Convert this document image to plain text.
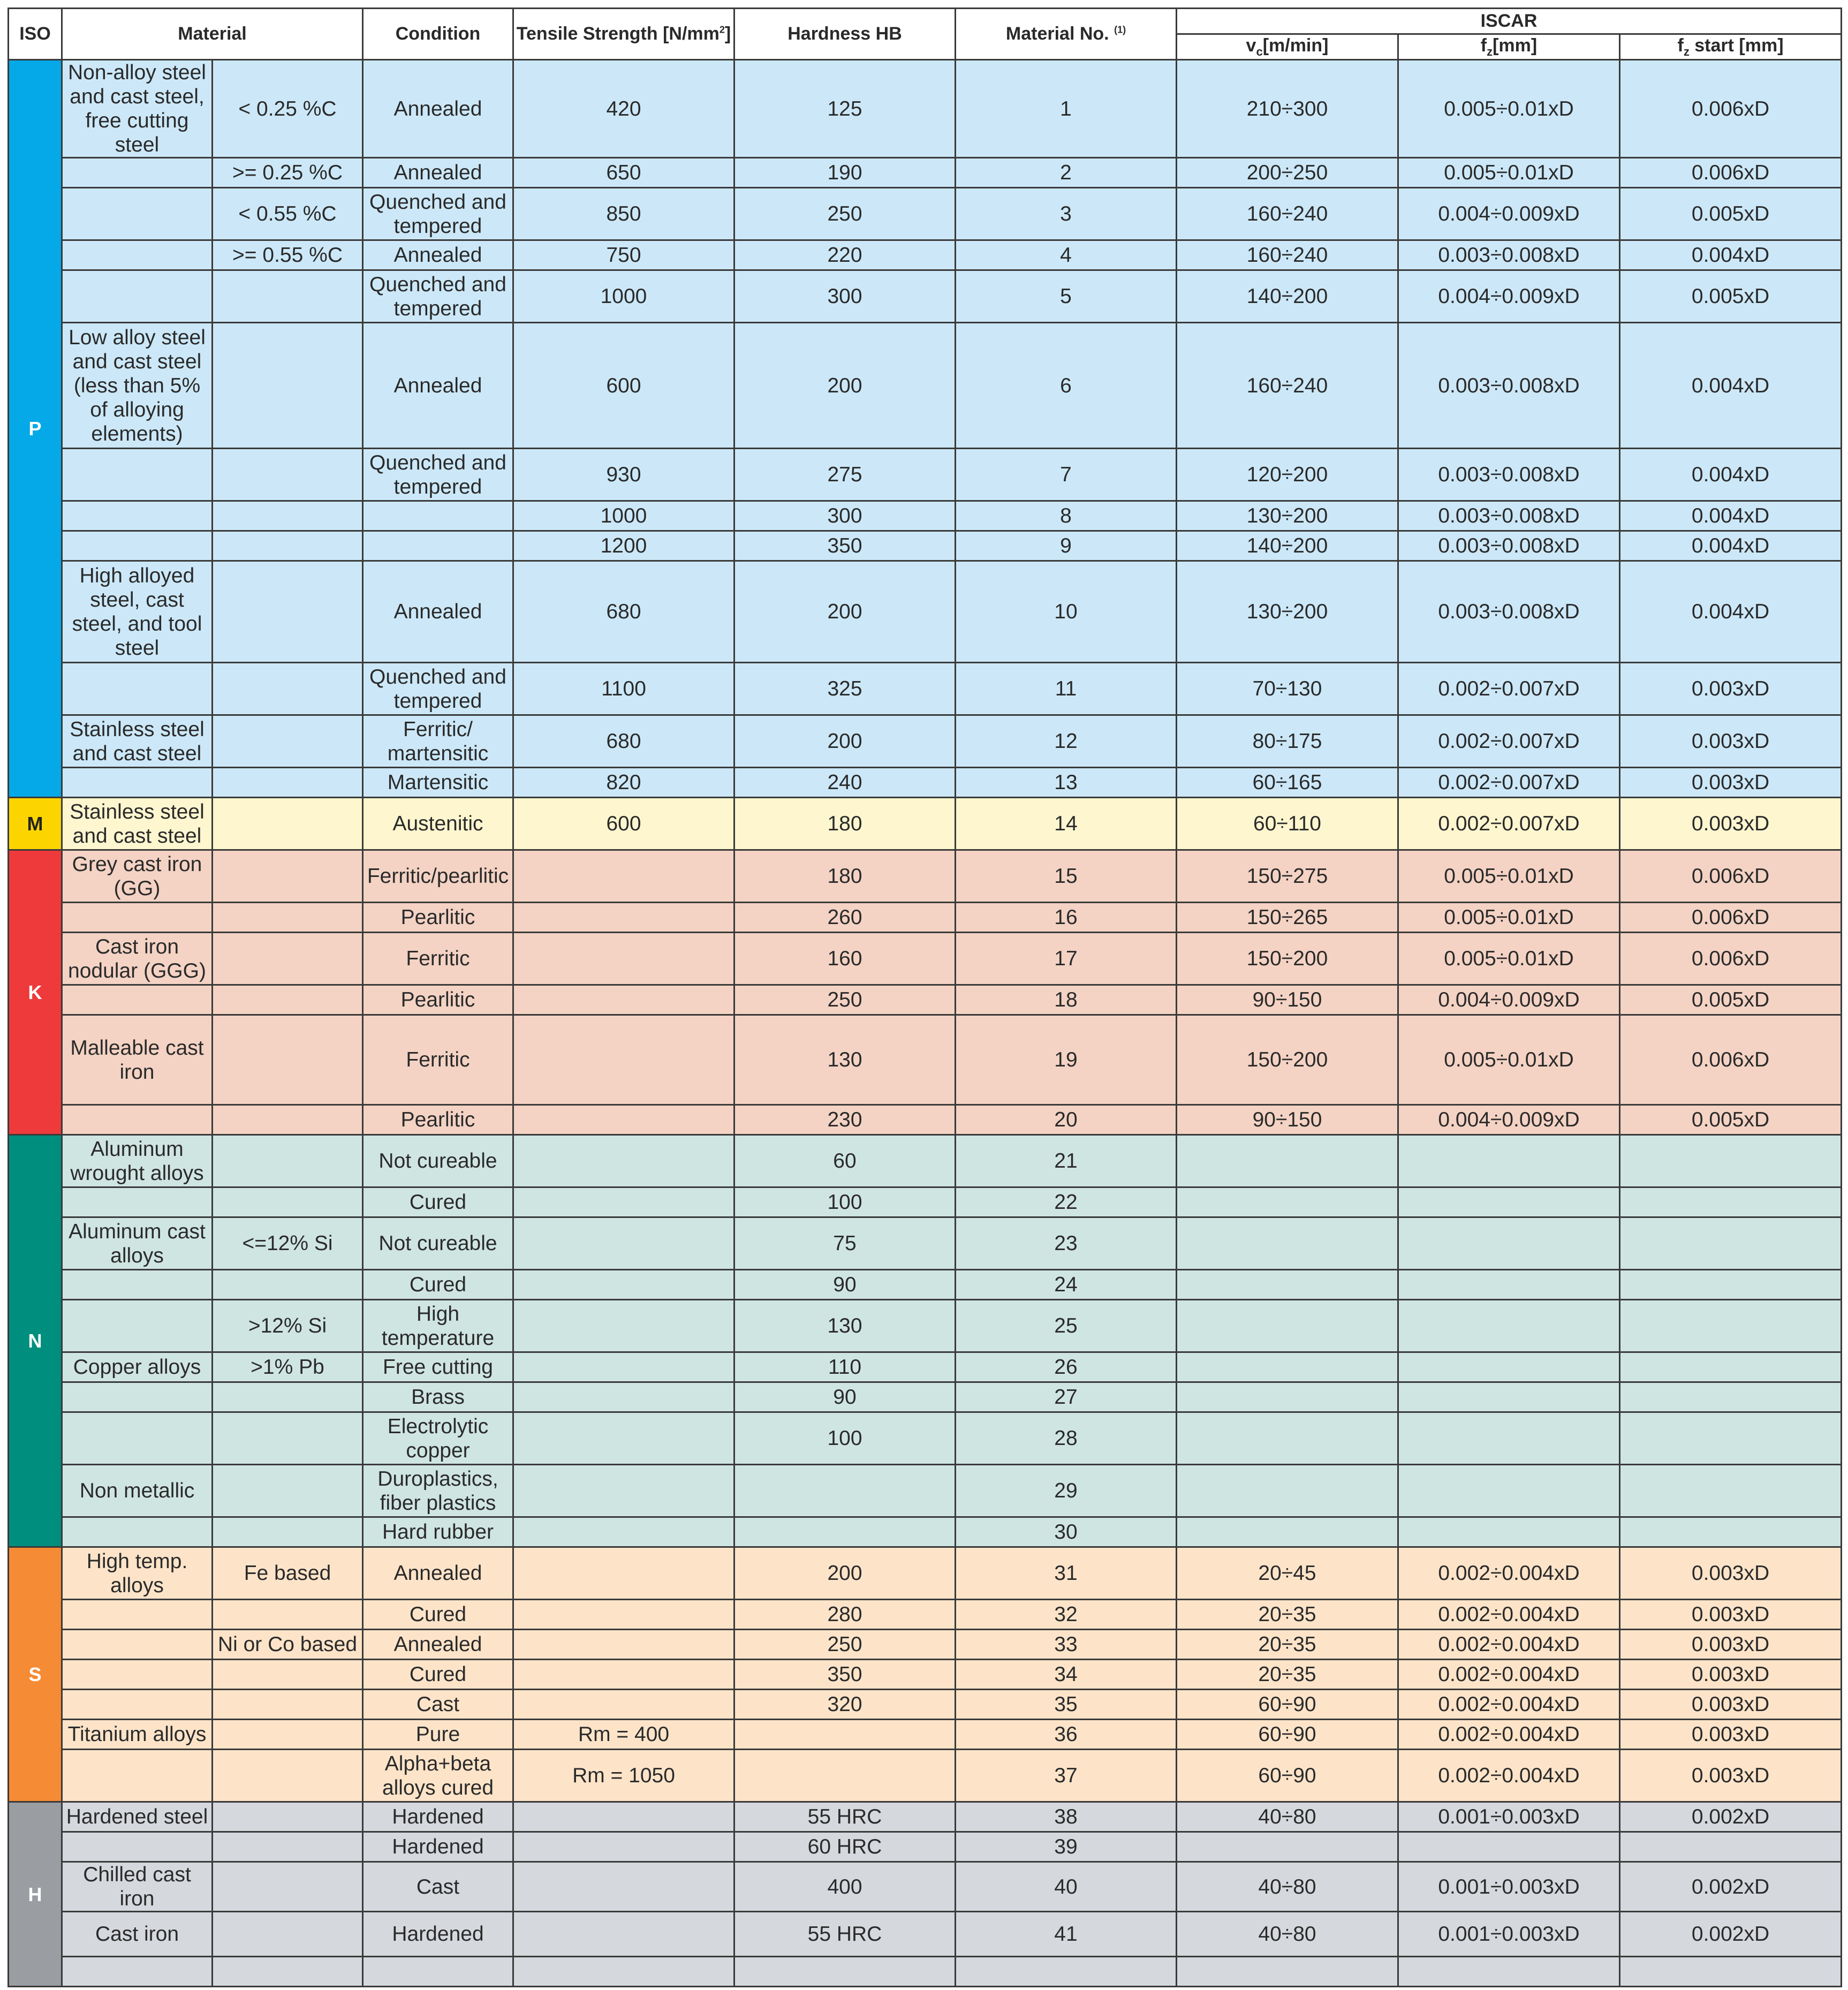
ISO	Material		Condition	Tensile Strength $[N/mm^2]$	Hardness HB	Material No. $^{(1)}$	ISCAR		
							$v_c[m/\min]$	$f_z[mm]$	$f_z$ start [mm]
P	Non-alloy steel and cast steel, free cutting steel	< 0.25 %C	Annealed	420	125	1	210÷300	0.005÷0.01xD	0.006xD
		>= 0.25 %C	Annealed	650	190	2	200÷250	0.005÷0.01xD	0.006xD
		< 0.55 %C	Quenched and tempered	850	250	3	160÷240	0.004÷0.009xD	0.005xD
		>= 0.55 %C	Annealed	750	220	4	160÷240	0.003÷0.008xD	0.004xD
			Quenched and tempered	1000	300	5	140÷200	0.004÷0.009xD	0.005xD
	Low alloy steel and cast steel (less than 5% of alloying elements)		Annealed	600	200	6	160÷240	0.003÷0.008xD	0.004xD
			Quenched and tempered	930	275	7	120÷200	0.003÷0.008xD	0.004xD
				1000	300	8	130÷200	0.003÷0.008xD	0.004xD
				1200	350	9	140÷200	0.003÷0.008xD	0.004xD
	High alloyed steel, cast steel, and tool steel		Annealed	680	200	10	130÷200	0.003÷0.008xD	0.004xD
			Quenched and tempered	1100	325	11	70÷130	0.002÷0.007xD	0.003xD
	Stainless steel and cast steel		Ferritic/ martensitic	680	200	12	80÷175	0.002÷0.007xD	0.003xD
			Martensitic	820	240	13	60÷165	0.002÷0.007xD	0.003xD
M	Stainless steel and cast steel		Austenitic	600	180	14	60÷110	0.002÷0.007xD	0.003xD
K	Grey cast iron (GG)		Ferritic/pearlitic		180	15	150÷275	0.005÷0.01xD	0.006xD
			Pearlitic		260	16	150÷265	0.005÷0.01xD	0.006xD
	Cast iron nodular (GGG)		Ferritic		160	17	150÷200	0.005÷0.01xD	0.006xD
			Pearlitic		250	18	90÷150	0.004÷0.009xD	0.005xD
	Malleable cast iron		Ferritic		130	19	150÷200	0.005÷0.01xD	0.006xD
			Pearlitic		230	20	90÷150	0.004÷0.009xD	0.005xD
N	Aluminum wrought alloys		Not cureable		60	21			
			Cured		100	22			
	Aluminum cast alloys	<=12% Si	Not cureable		75	23			
			Cured		90	24			
		>12% Si	High temperature		130	25			
	Copper alloys	>1% Pb	Free cutting		110	26			
			Brass		90	27			
			Electrolytic copper		100	28			
	Non metallic		Duroplastics, fiber plastics			29			
			Hard rubber			30			
S	High temp. alloys	Fe based	Annealed		200	31	20÷45	0.002÷0.004xD	0.003xD
			Cured		280	32	20÷35	0.002÷0.004xD	0.003xD
		Ni or Co based	Annealed		250	33	20÷35	0.002÷0.004xD	0.003xD
			Cured		350	34	20÷35	0.002÷0.004xD	0.003xD
			Cast		320	35	60÷90	0.002÷0.004xD	0.003xD
	Titanium alloys		Pure	Rm = 400		36	60÷90	0.002÷0.004xD	0.003xD
			Alpha+beta alloys cured	Rm = 1050		37	60÷90	0.002÷0.004xD	0.003xD
H	Hardened steel		Hardened		55 HRC	38	40÷80	0.001÷0.003xD	0.002xD
			Hardened		60 HRC	39			
	Chilled cast iron		Cast		400	40	40÷80	0.001÷0.003xD	0.002xD
	Cast iron		Hardened		55 HRC	41	40÷80	0.001÷0.003xD	0.002xD
